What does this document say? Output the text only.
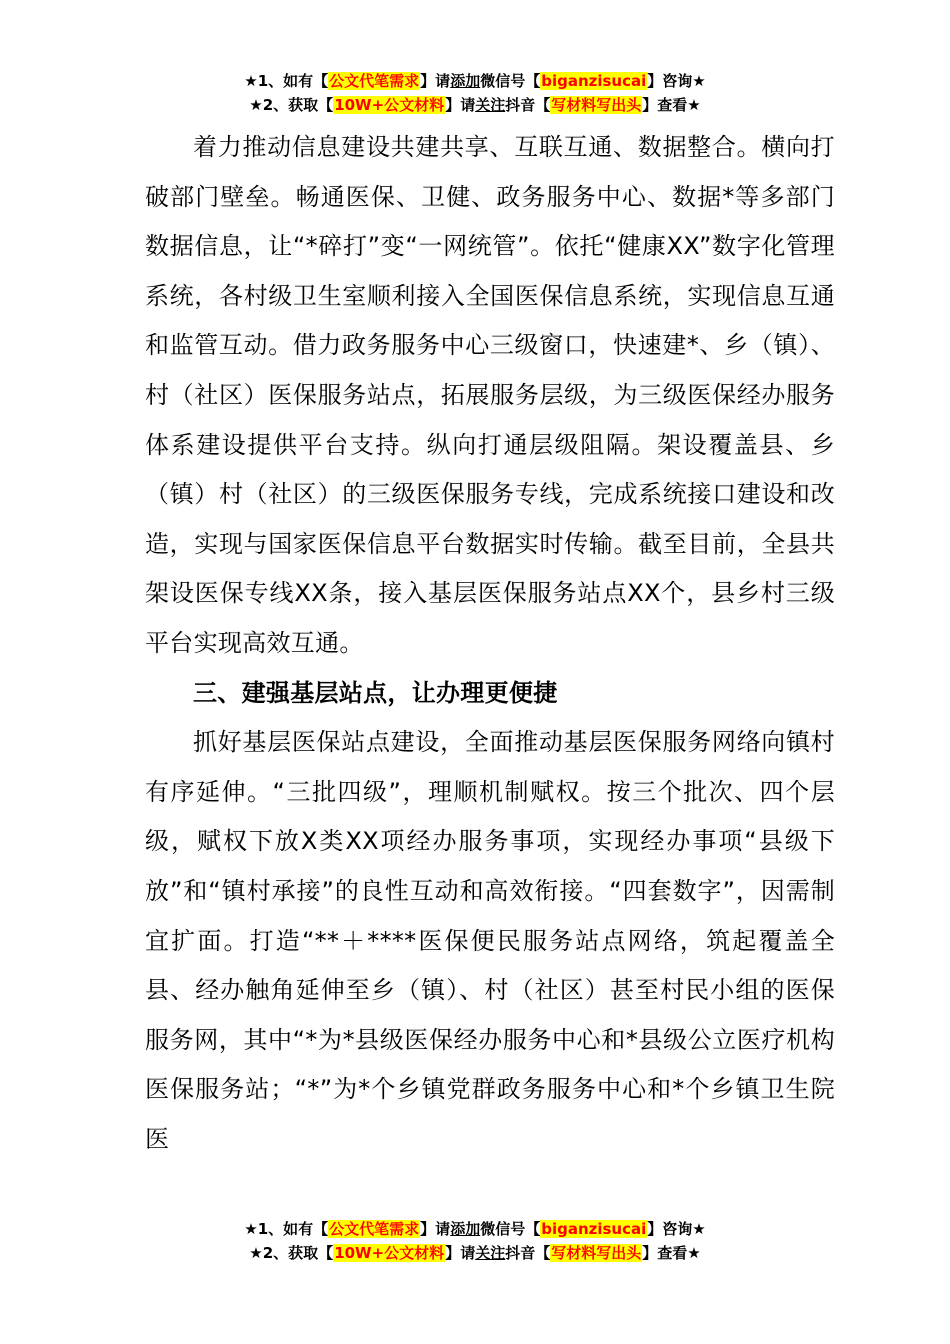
★1、如有【公文代笔需求】请添加微信号【biganzisucai】咨询★
★2、获取【10W+公文材料】请关注抖音【写材料写出头】查看★

着力推动信息建设共建共享、互联互通、数据整合。横向打破部门壁垒。畅通医保、卫健、政务服务中心、数据*等多部门数据信息，让“*碎打”变“一网统管”。依托“健康XX”数字化管理系统，各村级卫生室顺利接入全国医保信息系统，实现信息互通和监管互动。借力政务服务中心三级窗口，快速建*、乡（镇）、村（社区）医保服务站点，拓展服务层级，为三级医保经办服务体系建设提供平台支持。纵向打通层级阻隔。架设覆盖县、乡（镇）村（社区）的三级医保服务专线，完成系统接口建设和改造，实现与国家医保信息平台数据实时传输。截至目前，全县共架设医保专线XX条，接入基层医保服务站点XX个，县乡村三级平台实现高效互通。

三、建强基层站点，让办理更便捷

抓好基层医保站点建设，全面推动基层医保服务网络向镇村有序延伸。“三批四级”，理顺机制赋权。按三个批次、四个层级，赋权下放X类XX项经办服务事项，实现经办事项“县级下放”和“镇村承接”的良性互动和高效衔接。“四套数字”，因需制宜扩面。打造“**＋****医保便民服务站点网络，筑起覆盖全县、经办触角延伸至乡（镇）、村（社区）甚至村民小组的医保服务网，其中“*为*县级医保经办服务中心和*县级公立医疗机构医保服务站；“*”为*个乡镇党群政务服务中心和*个乡镇卫生院医

★1、如有【公文代笔需求】请添加微信号【biganzisucai】咨询★
★2、获取【10W+公文材料】请关注抖音【写材料写出头】查看★
